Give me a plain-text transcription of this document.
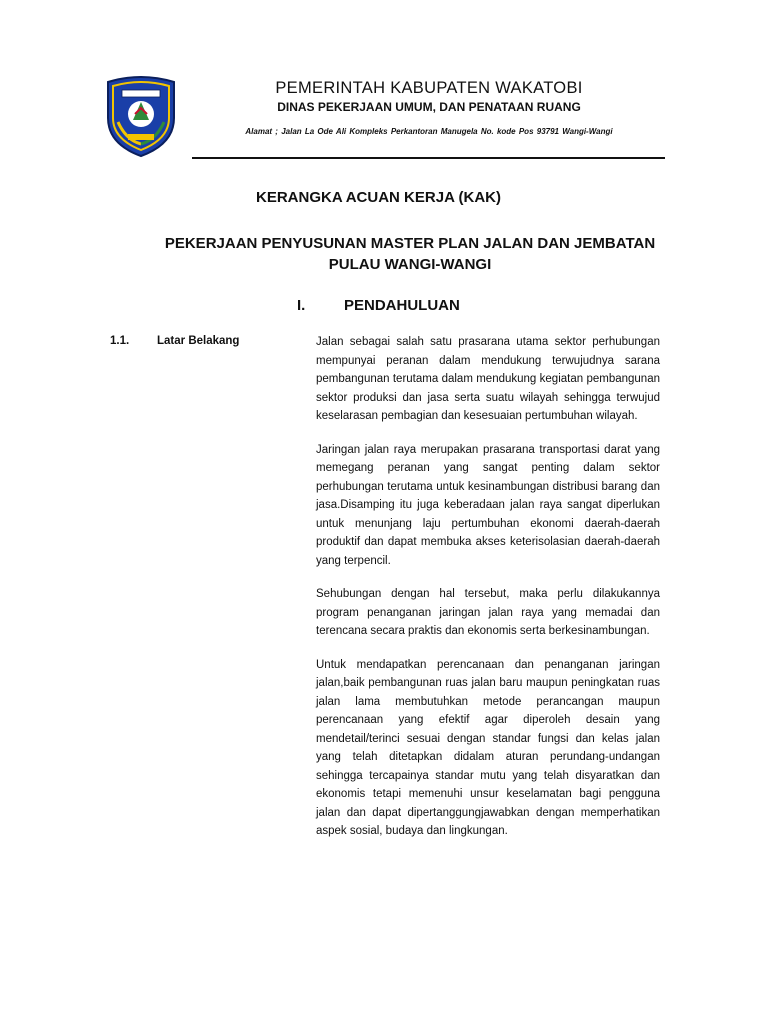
PEMERINTAH KABUPATEN WAKATOBI
DINAS PEKERJAAN UMUM, DAN PENATAAN RUANG
Alamat ; Jalan La Ode Ali Kompleks Perkantoran Manugela No. kode Pos 93791 Wangi-Wangi
KERANGKA ACUAN KERJA (KAK)
PEKERJAAN PENYUSUNAN MASTER PLAN JALAN DAN JEMBATAN PULAU WANGI-WANGI
I.	PENDAHULUAN
1.1. Latar Belakang	Jalan sebagai salah satu prasarana utama sektor perhubungan mempunyai peranan dalam mendukung terwujudnya sarana pembangunan terutama dalam mendukung kegiatan pembangunan sektor produksi dan jasa serta suatu wilayah sehingga terwujud keselarasan pembagian dan kesesuaian pertumbuhan wilayah.

Jaringan jalan raya merupakan prasarana transportasi darat yang memegang peranan yang sangat penting dalam sektor perhubungan terutama untuk kesinambungan distribusi barang dan jasa.Disamping itu juga keberadaan jalan raya sangat diperlukan untuk menunjang laju pertumbuhan ekonomi daerah-daerah produktif dan dapat membuka akses keterisolasian daerah-daerah yang terpencil.

Sehubungan dengan hal tersebut, maka perlu dilakukannya program penanganan jaringan jalan raya yang memadai dan terencana secara praktis dan ekonomis serta berkesinambungan.

Untuk mendapatkan perencanaan dan penanganan jaringan jalan,baik pembangunan ruas jalan baru maupun peningkatan ruas jalan lama membutuhkan metode perancangan maupun perencanaan yang efektif agar diperoleh desain yang mendetail/terinci sesuai dengan standar fungsi dan kelas jalan yang telah ditetapkan didalam aturan perundang-undangan sehingga tercapainya standar mutu yang telah disyaratkan dan ekonomis tetapi memenuhi unsur keselamatan bagi pengguna jalan dan dapat dipertanggungjawabkan dengan memperhatikan aspek sosial, budaya dan lingkungan.
